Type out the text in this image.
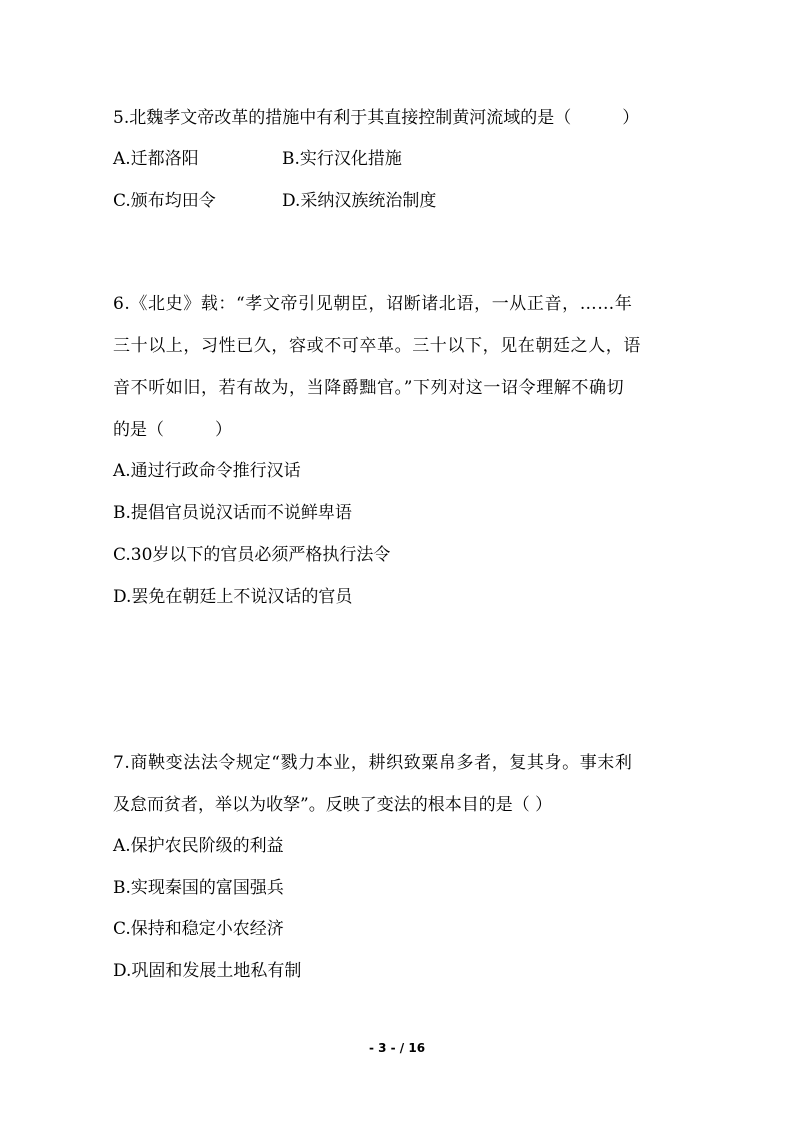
5.北魏孝文帝改革的措施中有利于其直接控制黄河流域的是（　　　）
A.迁都洛阳	B.实行汉化措施
C.颁布均田令	D.采纳汉族统治制度
6.《北史》载：“孝文帝引见朝臣，诏断诸北语，一从正音，……年
三十以上，习性已久，容或不可卒革。三十以下，见在朝廷之人，语
音不听如旧，若有故为，当降爵黜官。”下列对这一诏令理解不确切
的是（　　　）
A.通过行政命令推行汉话
B.提倡官员说汉话而不说鲜卑语
C.30岁以下的官员必须严格执行法令
D.罢免在朝廷上不说汉话的官员
7.商鞅变法法令规定“戮力本业，耕织致粟帛多者，复其身。事末利
及怠而贫者，举以为收孥”。反映了变法的根本目的是（ ）
A.保护农民阶级的利益
B.实现秦国的富国强兵
C.保持和稳定小农经济
D.巩固和发展土地私有制
- 3 - / 16
